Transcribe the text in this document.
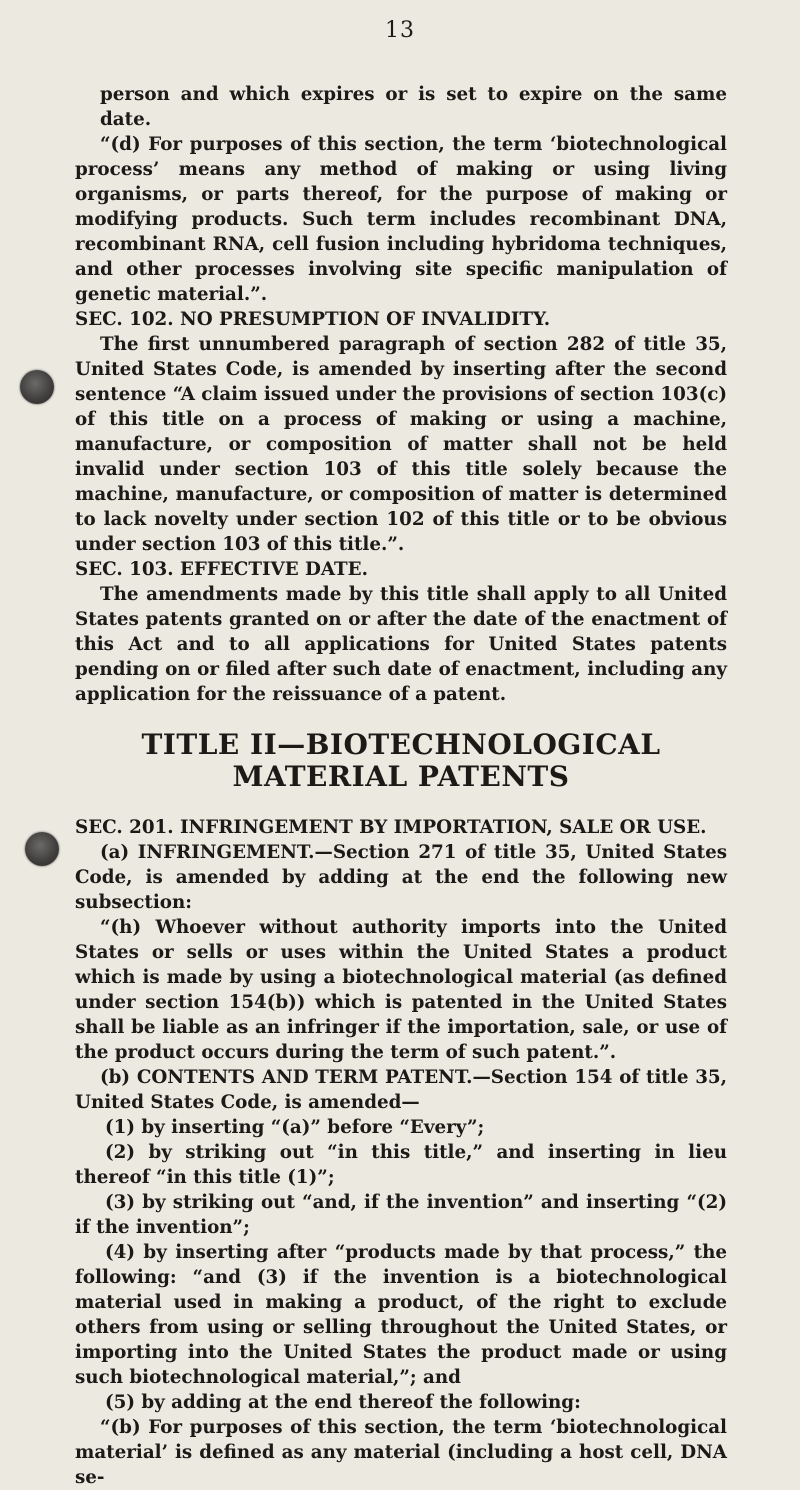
13

person and which expires or is set to expire on the same date.

“(d) For purposes of this section, the term ‘biotechnological process’ means any method of making or using living organisms, or parts thereof, for the purpose of making or modifying products. Such term includes recombinant DNA, recombinant RNA, cell fusion including hybridoma techniques, and other processes involving site specific manipulation of genetic material.”.

SEC. 102. NO PRESUMPTION OF INVALIDITY.

The first unnumbered paragraph of section 282 of title 35, United States Code, is amended by inserting after the second sentence “A claim issued under the provisions of section 103(c) of this title on a process of making or using a machine, manufacture, or composition of matter shall not be held invalid under section 103 of this title solely because the machine, manufacture, or composition of matter is determined to lack novelty under section 102 of this title or to be obvious under section 103 of this title.”.

SEC. 103. EFFECTIVE DATE.

The amendments made by this title shall apply to all United States patents granted on or after the date of the enactment of this Act and to all applications for United States patents pending on or filed after such date of enactment, including any application for the reissuance of a patent.

TITLE II—BIOTECHNOLOGICAL MATERIAL PATENTS

SEC. 201. INFRINGEMENT BY IMPORTATION, SALE OR USE.

(a) INFRINGEMENT.—Section 271 of title 35, United States Code, is amended by adding at the end the following new subsection:

“(h) Whoever without authority imports into the United States or sells or uses within the United States a product which is made by using a biotechnological material (as defined under section 154(b)) which is patented in the United States shall be liable as an infringer if the importation, sale, or use of the product occurs during the term of such patent.”.

(b) CONTENTS AND TERM PATENT.—Section 154 of title 35, United States Code, is amended—

(1) by inserting “(a)” before “Every”;

(2) by striking out “in this title,” and inserting in lieu thereof “in this title (1)”;

(3) by striking out “and, if the invention” and inserting “(2) if the invention”;

(4) by inserting after “products made by that process,” the following: “and (3) if the invention is a biotechnological material used in making a product, of the right to exclude others from using or selling throughout the United States, or importing into the United States the product made or using such biotechnological material,”; and

(5) by adding at the end thereof the following:

“(b) For purposes of this section, the term ‘biotechnological material’ is defined as any material (including a host cell, DNA se-
